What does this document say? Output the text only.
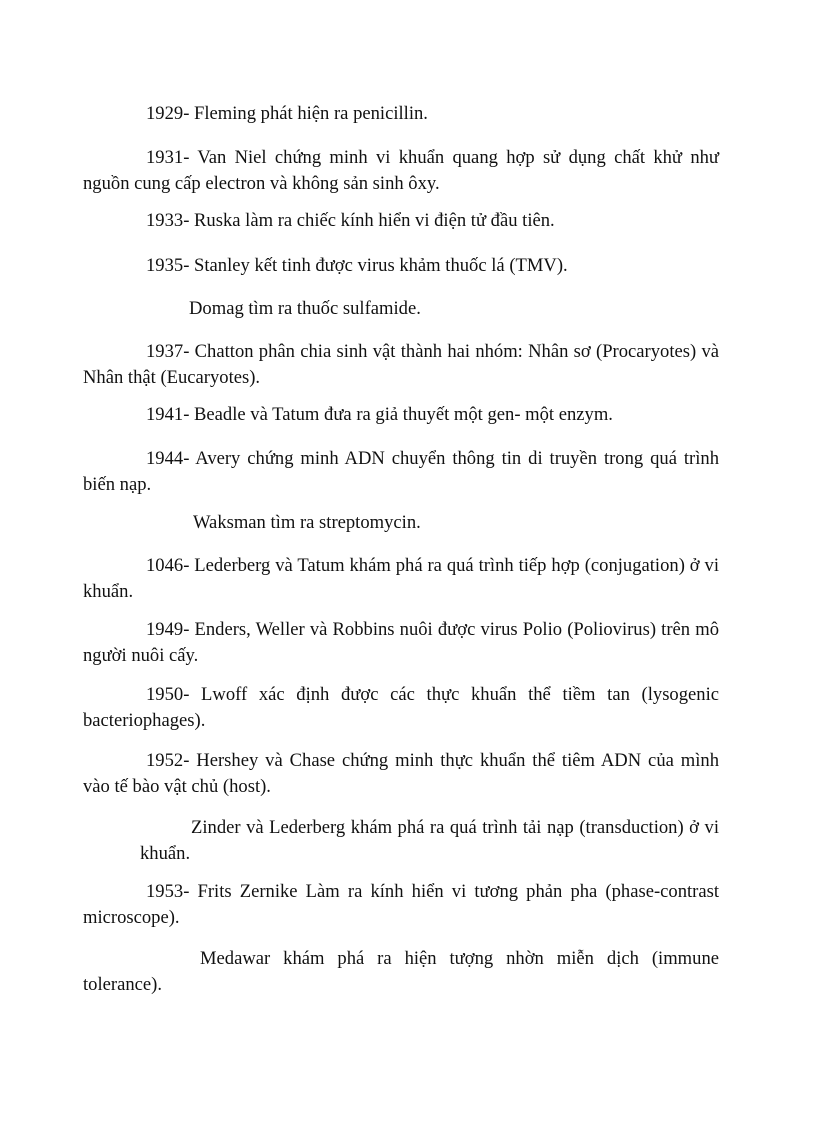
1929- Fleming phát hiện ra penicillin.

1931- Van Niel chứng minh vi khuẩn quang hợp sử dụng chất khử như nguồn cung cấp electron và không sản sinh ôxy.

1933- Ruska làm ra chiếc kính hiển vi điện tử đầu tiên.

1935- Stanley kết tinh được virus khảm thuốc lá (TMV).

Domag tìm ra thuốc sulfamide.

1937- Chatton phân chia sinh vật thành hai nhóm: Nhân sơ (Procaryotes) và Nhân thật (Eucaryotes).

1941- Beadle và Tatum đưa ra giả thuyết một gen- một enzym.

1944- Avery chứng minh ADN chuyển thông tin di truyền trong quá trình biến nạp.

Waksman tìm ra streptomycin.

1046- Lederberg và Tatum khám phá ra quá trình tiếp hợp (conjugation) ở vi khuẩn.

1949- Enders, Weller và Robbins nuôi được virus Polio (Poliovirus) trên mô người nuôi cấy.

1950- Lwoff xác định được các thực khuẩn thể tiềm tan (lysogenic bacteriophages).

1952- Hershey và Chase chứng minh thực khuẩn thể tiêm ADN của mình vào tế bào vật chủ (host).

Zinder và Lederberg khám phá ra quá trình tải nạp (transduction) ở vi khuẩn.

1953- Frits Zernike Làm ra kính hiển vi tương phản pha (phase-contrast microscope).

Medawar khám phá ra hiện tượng nhờn miễn dịch (immune tolerance).
